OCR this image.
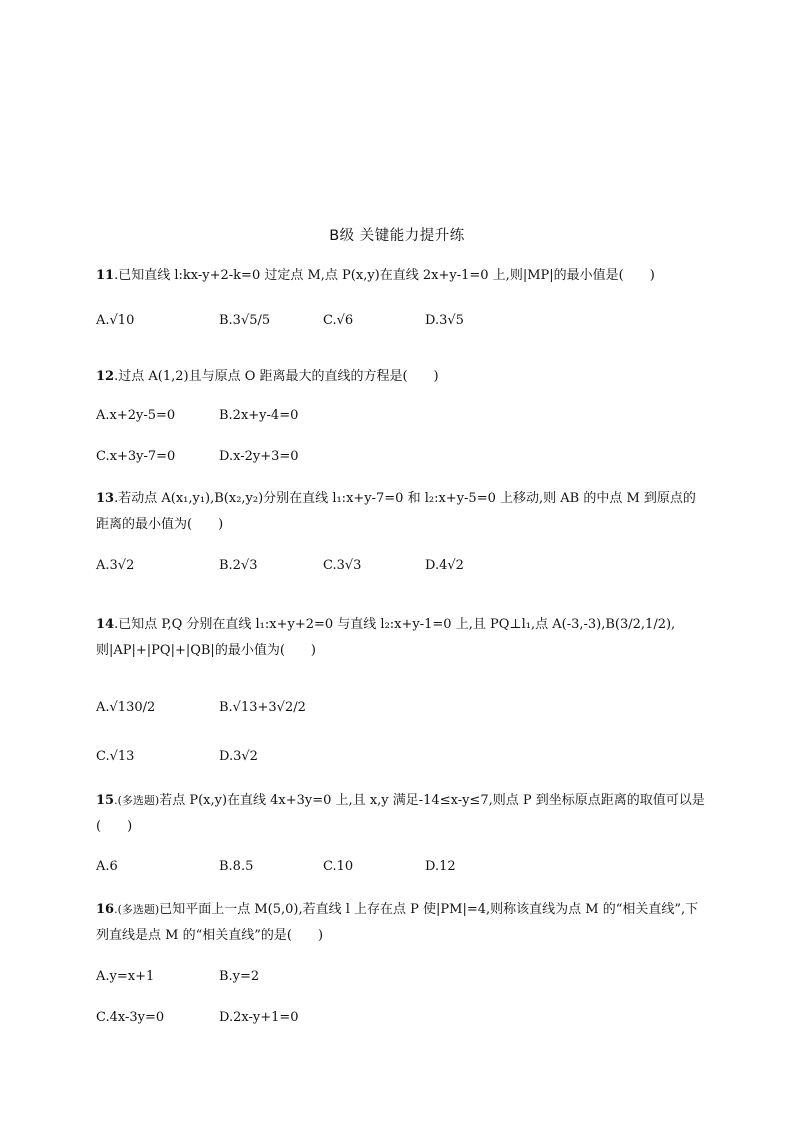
B级 关键能力提升练
11.已知直线 l:kx-y+2-k=0 过定点 M,点 P(x,y)在直线 2x+y-1=0 上,则|MP|的最小值是(　　)
A.√10	B.3√5/5	C.√6	D.3√5
12.过点 A(1,2)且与原点 O 距离最大的直线的方程是(　　)
A.x+2y-5=0	B.2x+y-4=0
C.x+3y-7=0	D.x-2y+3=0
13.若动点 A(x₁,y₁),B(x₂,y₂)分别在直线 l₁:x+y-7=0 和 l₂:x+y-5=0 上移动,则 AB 的中点 M 到原点的距离的最小值为(　　)
A.3√2	B.2√3	C.3√3	D.4√2
14.已知点 P,Q 分别在直线 l₁:x+y+2=0 与直线 l₂:x+y-1=0 上,且 PQ⊥l₁,点 A(-3,-3),B(3/2,1/2),则|AP|+|PQ|+|QB|的最小值为(　　)
A.√130/2	B.√13+3√2/2
C.√13	D.3√2
15.(多选题)若点 P(x,y)在直线 4x+3y=0 上,且 x,y 满足-14≤x-y≤7,则点 P 到坐标原点距离的取值可以是(　　)
A.6	B.8.5	C.10	D.12
16.(多选题)已知平面上一点 M(5,0),若直线 l 上存在点 P 使|PM|=4,则称该直线为点 M 的“相关直线”,下列直线是点 M 的“相关直线”的是(　　)
A.y=x+1	B.y=2
C.4x-3y=0	D.2x-y+1=0
